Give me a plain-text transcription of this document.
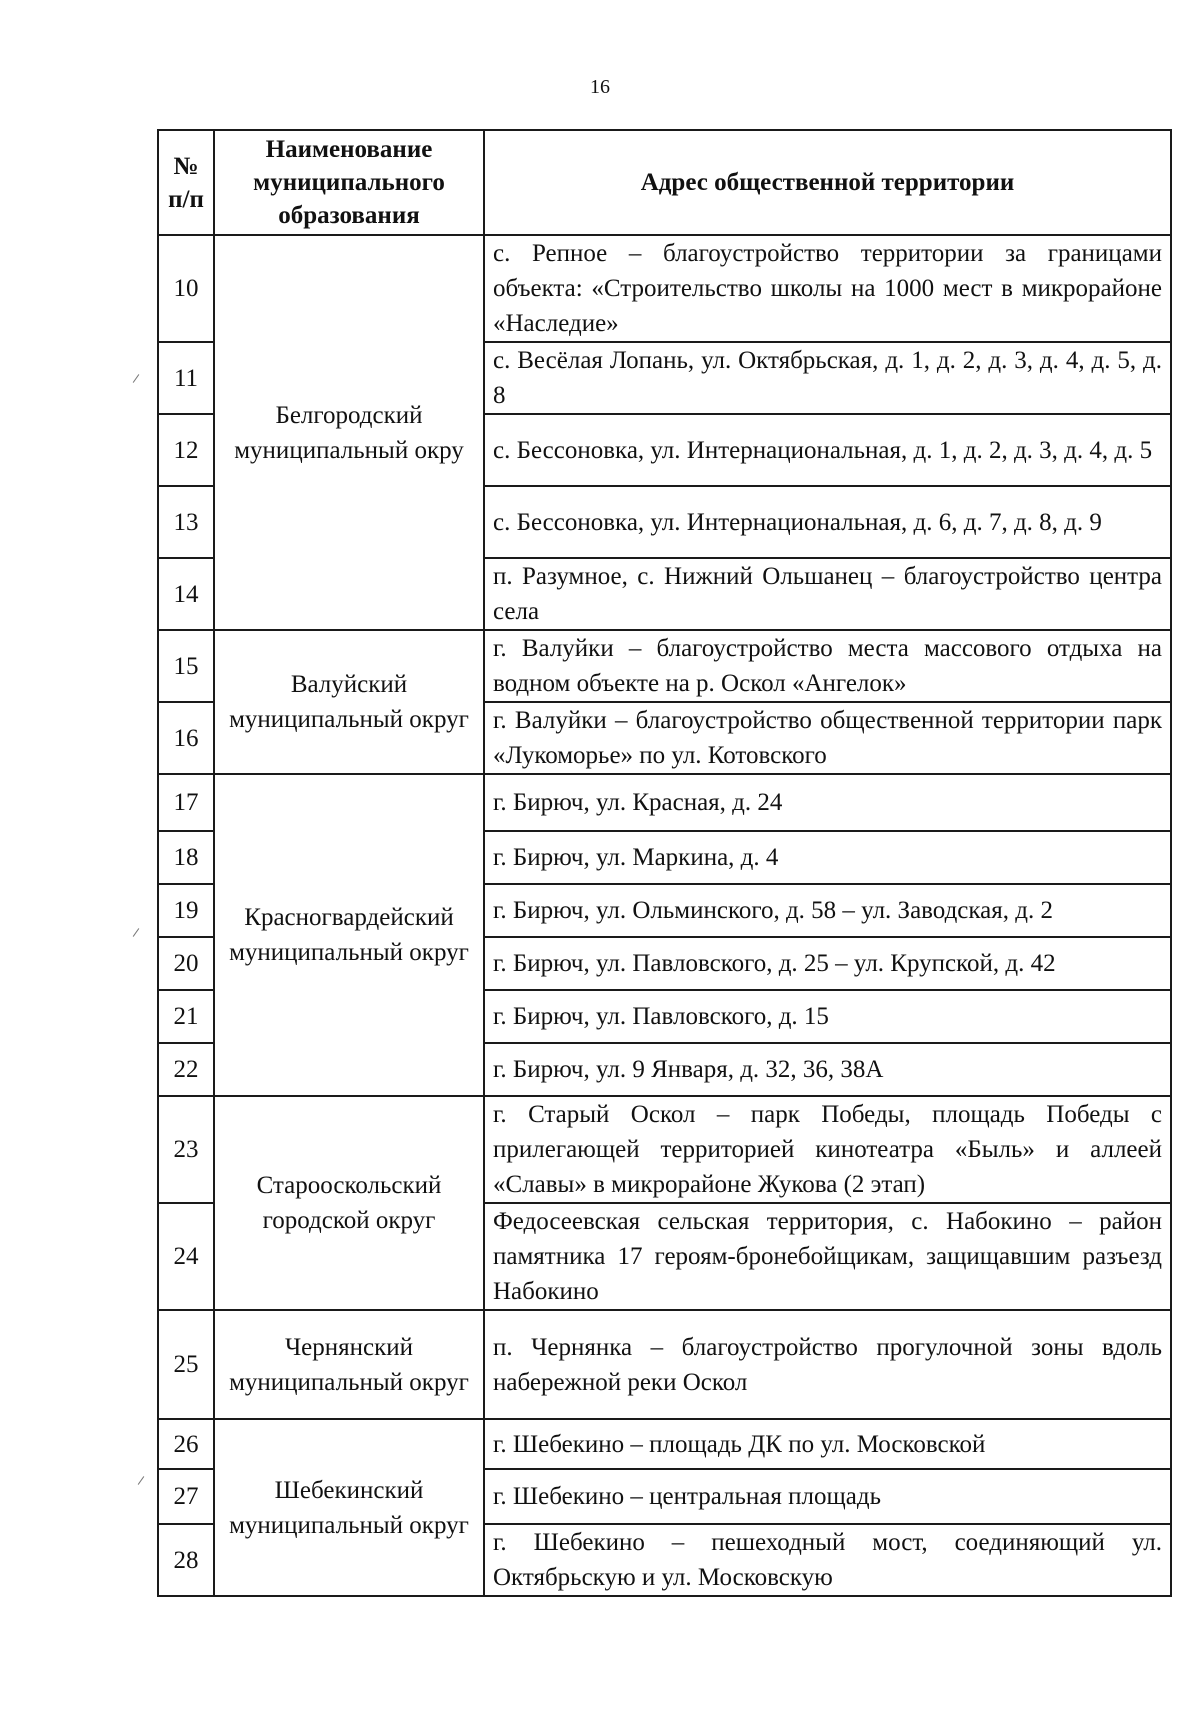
16
№ п/п	Наименование муниципального образования	Адрес общественной территории
10	Белгородский муниципальный окру	с. Репное – благоустройство территории за границами объекта: «Строительство школы на 1000 мест в микрорайоне «Наследие»
11		с. Весёлая Лопань, ул. Октябрьская, д. 1, д. 2, д. 3, д. 4, д. 5, д. 8
12		с. Бессоновка, ул. Интернациональная, д. 1, д. 2, д. 3, д. 4, д. 5
13		с. Бессоновка, ул. Интернациональная, д. 6, д. 7, д. 8, д. 9
14		п. Разумное, с. Нижний Ольшанец – благоустройство центра села
15	Валуйский муниципальный округ	г. Валуйки – благоустройство места массового отдыха на водном объекте на р. Оскол «Ангелок»
16		г. Валуйки – благоустройство общественной территории парк «Лукоморье» по ул. Котовского
17	Красногвардейский муниципальный округ	г. Бирюч, ул. Красная, д. 24
18		г. Бирюч, ул. Маркина, д. 4
19		г. Бирюч, ул. Ольминского, д. 58 – ул. Заводская, д. 2
20		г. Бирюч, ул. Павловского, д. 25 – ул. Крупской, д. 42
21		г. Бирюч, ул. Павловского, д. 15
22		г. Бирюч, ул. 9 Января, д. 32, 36, 38А
23	Старооскольский городской округ	г. Старый Оскол – парк Победы, площадь Победы с прилегающей территорией кинотеатра «Быль» и аллеей «Славы» в микрорайоне Жукова (2 этап)
24		Федосеевская сельская территория, с. Набокино – район памятника 17 героям-бронебойщикам, защищавшим разъезд Набокино
25	Чернянский муниципальный округ	п. Чернянка – благоустройство прогулочной зоны вдоль набережной реки Оскол
26	Шебекинский муниципальный округ	г. Шебекино – площадь ДК по ул. Московской
27		г. Шебекино – центральная площадь
28		г. Шебекино – пешеходный мост, соединяющий ул. Октябрьскую и ул. Московскую
